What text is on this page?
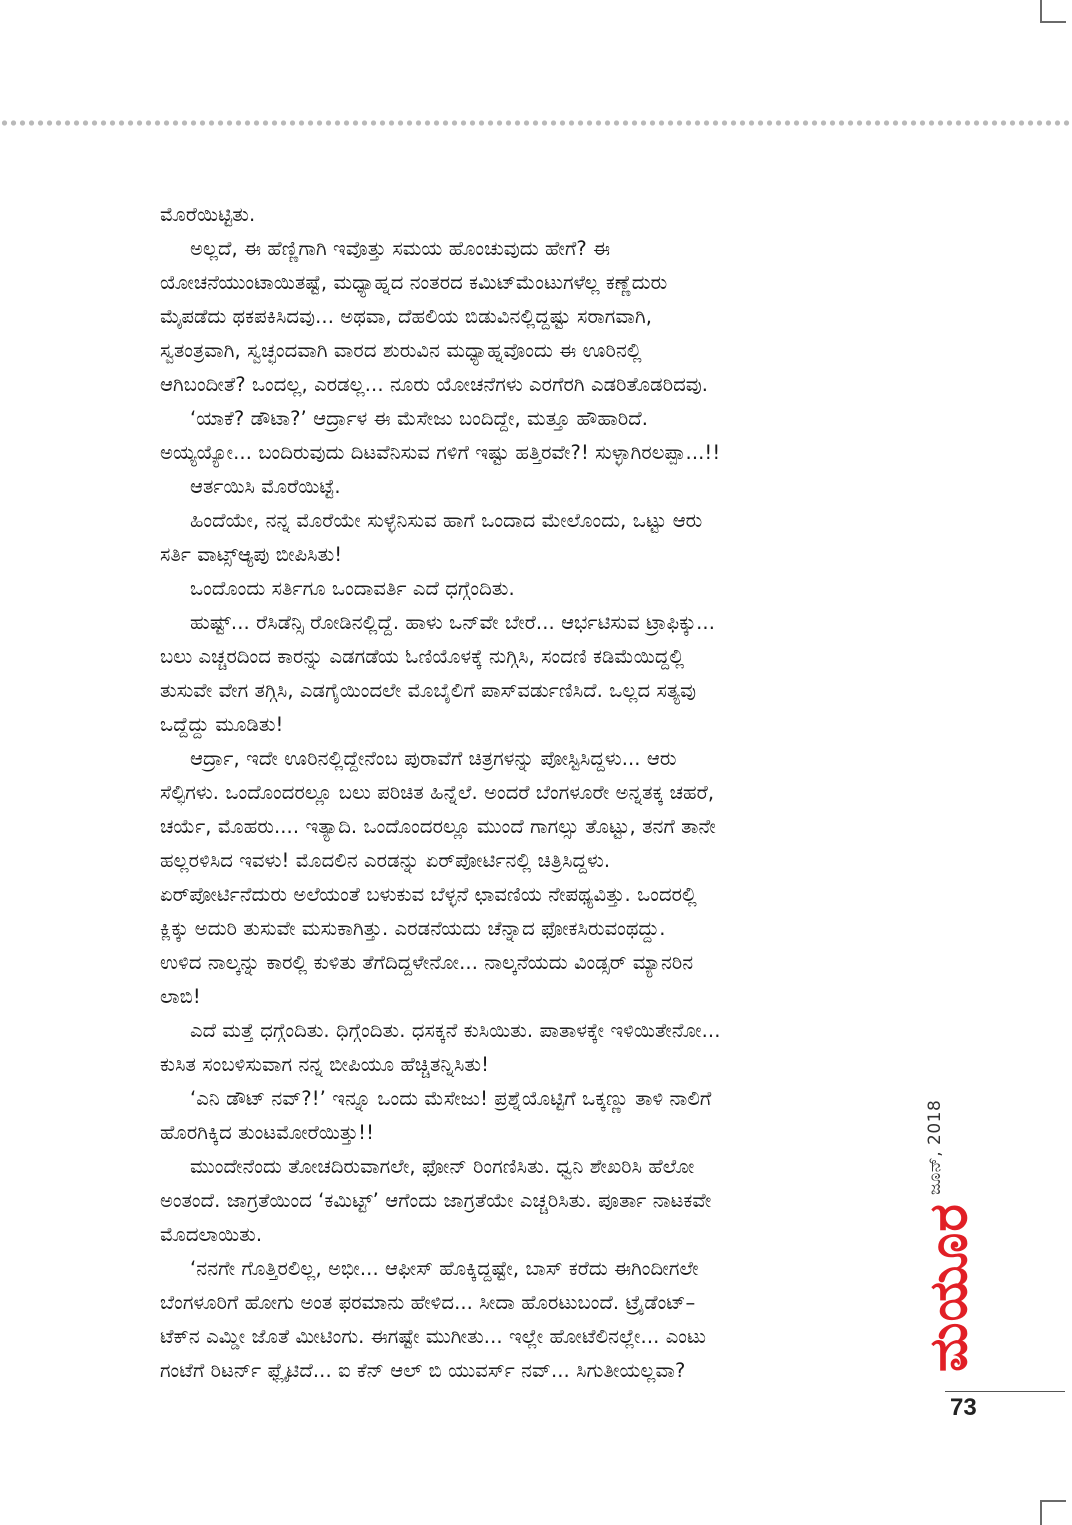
ಮೊರೆಯಿಟ್ಟಿತು.

ಅಲ್ಲದೆ, ಈ ಹೆಣ್ಣಿಗಾಗಿ ಇವೊತ್ತು ಸಮಯ ಹೊಂಚುವುದು ಹೇಗೆ? ಈ

ಯೋಚನೆಯುಂಟಾಯಿತಷ್ಟೆ, ಮಧ್ಯಾಹ್ನದ ನಂತರದ ಕಮಿಟ್‌ಮೆಂಟುಗಳೆಲ್ಲ ಕಣ್ಣೆದುರು

ಮೈಪಡೆದು ಥಕಪಕಿಸಿದವು... ಅಥವಾ, ದೆಹಲಿಯ ಬಿಡುವಿನಲ್ಲಿದ್ದಷ್ಟು ಸರಾಗವಾಗಿ,

ಸ್ವತಂತ್ರವಾಗಿ, ಸ್ವಚ್ಛಂದವಾಗಿ ವಾರದ ಶುರುವಿನ ಮಧ್ಯಾಹ್ನವೊಂದು ಈ ಊರಿನಲ್ಲಿ

ಆಗಿಬಂದೀತೆ? ಒಂದಲ್ಲ, ಎರಡಲ್ಲ... ನೂರು ಯೋಚನೆಗಳು ಎರಗೆರಗಿ ಎಡರಿತೊಡರಿದವು.

‘ಯಾಕೆ? ಡೌಟಾ?’ ಆರ್ದ್ರಾಳ ಈ ಮೆಸೇಜು ಬಂದಿದ್ದೇ, ಮತ್ತೂ ಹೌಹಾರಿದೆ.

ಅಯ್ಯಯ್ಯೋ... ಬಂದಿರುವುದು ದಿಟವೆನಿಸುವ ಗಳಿಗೆ ಇಷ್ಟು ಹತ್ತಿರವೇ?! ಸುಳ್ಳಾಗಿರಲಪ್ಪಾ...!!

ಆರ್ತಯಿಸಿ ಮೊರೆಯಿಟ್ಟೆ.

ಹಿಂದೆಯೇ, ನನ್ನ ಮೊರೆಯೇ ಸುಳ್ಳೆನಿಸುವ ಹಾಗೆ ಒಂದಾದ ಮೇಲೊಂದು, ಒಟ್ಟು ಆರು

ಸರ್ತಿ ವಾಟ್ಸ್‌ಆ್ಯಪು ಬೀಪಿಸಿತು!

ಒಂದೊಂದು ಸರ್ತಿಗೂ ಒಂದಾವರ್ತಿ ಎದೆ ಧಗ್ಗೆಂದಿತು.

ಹುಷ್ಟ್... ರೆಸಿಡೆನ್ಸಿ ರೋಡಿನಲ್ಲಿದ್ದೆ. ಹಾಳು ಒನ್‌ವೇ ಬೇರೆ... ಆರ್ಭಟಿಸುವ ಟ್ರಾಫಿಕ್ಕು...

ಬಲು ಎಚ್ಚರದಿಂದ ಕಾರನ್ನು ಎಡಗಡೆಯ ಓಣಿಯೊಳಕ್ಕೆ ನುಗ್ಗಿಸಿ, ಸಂದಣಿ ಕಡಿಮೆಯಿದ್ದಲ್ಲಿ

ತುಸುವೇ ವೇಗ ತಗ್ಗಿಸಿ, ಎಡಗೈಯಿಂದಲೇ ಮೊಬೈಲಿಗೆ ಪಾಸ್‌ವರ್ಡುಣಿಸಿದೆ. ಒಲ್ಲದ ಸತ್ಯವು

ಒದ್ದೆದ್ದು ಮೂಡಿತು!

ಆರ್ದ್ರಾ, ಇದೇ ಊರಿನಲ್ಲಿದ್ದೇನೆಂಬ ಪುರಾವೆಗೆ ಚಿತ್ರಗಳನ್ನು ಪೋಸ್ಟಿಸಿದ್ದಳು... ಆರು

ಸೆಲ್ಫಿಗಳು. ಒಂದೊಂದರಲ್ಲೂ ಬಲು ಪರಿಚಿತ ಹಿನ್ನೆಲೆ. ಅಂದರೆ ಬೆಂಗಳೂರೇ ಅನ್ನತಕ್ಕ ಚಹರೆ,

ಚರ್ಯೆ, ಮೊಹರು.... ಇತ್ಯಾದಿ. ಒಂದೊಂದರಲ್ಲೂ ಮುಂದೆ ಗಾಗಲ್ಸು ತೊಟ್ಟು, ತನಗೆ ತಾನೇ

ಹಲ್ಲರಳಿಸಿದ ಇವಳು! ಮೊದಲಿನ ಎರಡನ್ನು ಏರ್‌ಪೋರ್ಟಿನಲ್ಲಿ ಚಿತ್ರಿಸಿದ್ದಳು.

ಏರ್‌ಪೋರ್ಟಿನೆದುರು ಅಲೆಯಂತೆ ಬಳುಕುವ ಬೆಳ್ಳನೆ ಛಾವಣಿಯ ನೇಪಥ್ಯವಿತ್ತು. ಒಂದರಲ್ಲಿ

ಕ್ಲಿಕ್ಕು ಅದುರಿ ತುಸುವೇ ಮಸುಕಾಗಿತ್ತು. ಎರಡನೆಯದು ಚೆನ್ನಾದ ಫೋಕಸಿರುವಂಥದ್ದು.

ಉಳಿದ ನಾಲ್ಕನ್ನು ಕಾರಲ್ಲಿ ಕುಳಿತು ತೆಗೆದಿದ್ದಳೇನೋ... ನಾಲ್ಕನೆಯದು ವಿಂಡ್ಸರ್ ಮ್ಯಾನರಿನ

ಲಾಬಿ!

ಎದೆ ಮತ್ತೆ ಧಗ್ಗೆಂದಿತು. ಧಿಗ್ಗೆಂದಿತು. ಧಸಕ್ಕನೆ ಕುಸಿಯಿತು. ಪಾತಾಳಕ್ಕೇ ಇಳಿಯಿತೇನೋ...

ಕುಸಿತ ಸಂಬಳಿಸುವಾಗ ನನ್ನ ಬೀಪಿಯೂ ಹೆಚ್ಚಿತನ್ನಿಸಿತು!

‘ಎನಿ ಡೌಟ್ ನವ್?!’ ಇನ್ನೂ ಒಂದು ಮೆಸೇಜು! ಪ್ರಶ್ನೆಯೊಟ್ಟಿಗೆ ಒಕ್ಕಣ್ಣು ತಾಳಿ ನಾಲಿಗೆ

ಹೊರಗಿಕ್ಕಿದ ತುಂಟಮೋರೆಯಿತ್ತು!!

ಮುಂದೇನೆಂದು ತೋಚದಿರುವಾಗಲೇ, ಫೋನ್ ರಿಂಗಣಿಸಿತು. ಧ್ವನಿ ಶೇಖರಿಸಿ ಹೆಲೋ

ಅಂತಂದೆ. ಜಾಗ್ರತೆಯಿಂದ ‘ಕಮಿಟ್ಟ್’ ಆಗೆಂದು ಜಾಗ್ರತೆಯೇ ಎಚ್ಚರಿಸಿತು. ಪೂರ್ತಾ ನಾಟಕವೇ

ಮೊದಲಾಯಿತು.

‘ನನಗೇ ಗೊತ್ತಿರಲಿಲ್ಲ, ಅಭೀ... ಆಫೀಸ್ ಹೊಕ್ಕಿದ್ದಷ್ಟೇ, ಬಾಸ್ ಕರೆದು ಈಗಿಂದೀಗಲೇ

ಬೆಂಗಳೂರಿಗೆ ಹೋಗು ಅಂತ ಫರಮಾನು ಹೇಳಿದ... ಸೀದಾ ಹೊರಟುಬಂದೆ. ಟ್ರೈಡೆಂಟ್–

ಟೆಕ್‌ನ ಎಮ್ಡೀ ಜೊತೆ ಮೀಟಿಂಗು. ಈಗಷ್ಟೇ ಮುಗೀತು... ಇಲ್ಲೇ ಹೋಟೆಲಿನಲ್ಲೇ... ಎಂಟು

ಗಂಟೆಗೆ ರಿಟರ್ನ್ ಫ್ಲೈಟಿದೆ... ಐ ಕೆನ್ ಆಲ್ ಬಿ ಯುವರ್ಸ್ ನವ್... ಸಿಗುತೀಯಲ್ಲವಾ?

ಜೂನ್, 2018
ಮಯೂರ
73
